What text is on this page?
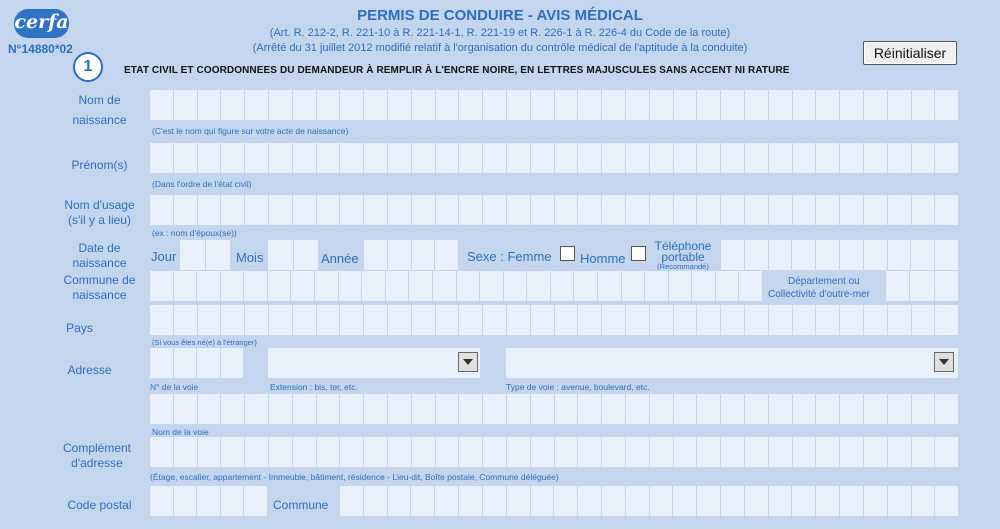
cerfa
N°14880*02
PERMIS DE CONDUIRE - AVIS MÉDICAL
(Art. R. 212-2, R. 221-10 à R. 221-14-1, R. 221-19 et R. 226-1 à R. 226-4 du Code de la route)
(Arrêté du 31 juillet 2012 modifié relatif à l'organisation du contrôle médical de l'aptitude à la conduite)	Réinitialiser
1	ETAT CIVIL ET COORDONNEES DU DEMANDEUR À REMPLIR À L'ENCRE NOIRE, EN LETTRES MAJUSCULES SANS ACCENT NI RATURE
Nom de
naissance
(C'est le nom qui figure sur votre acte de naissance)
Prénom(s)
(Dans l'ordre de l'état civil)
Nom d'usage
(s'il y a lieu)
(ex : nom d'époux(se))
Date de
naissance	Jour	Mois	Année	Sexe : Femme Homme
Téléphone
portable
(Recommandé)
Commune de
naissance
Département ou
Collectivité d'outre-mer
Pays
(Si vous êtes né(e) à l'étranger)
Adresse
N° de la voie	Extension : bis, ter, etc.	Type de voie : avenue, boulevard, etc.
Nom de la voie
Complément
d'adresse
(Étage, escalier, appartement - Immeuble, bâtiment, résidence - Lieu-dit, Boîte postale, Commune déléguée)
Code postal	Commune
